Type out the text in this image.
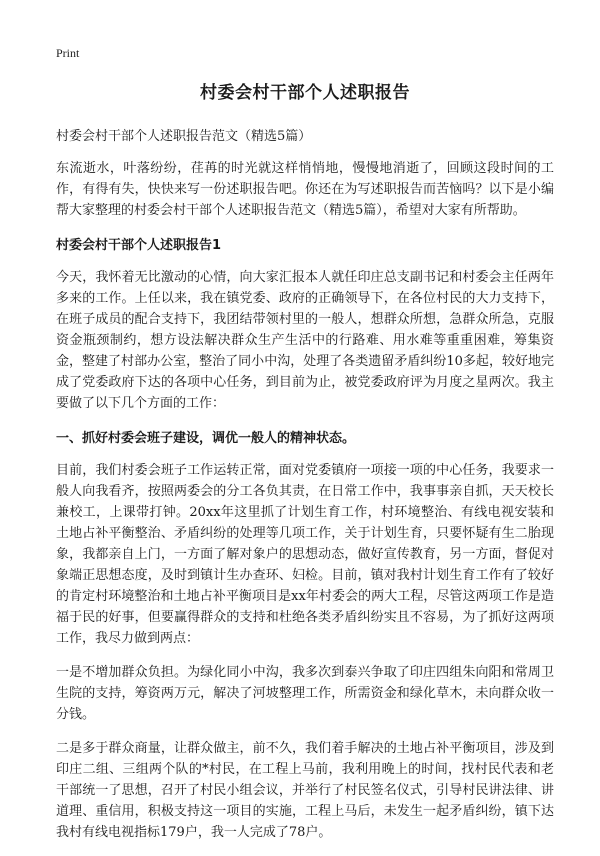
Print
村委会村干部个人述职报告
村委会村干部个人述职报告范文（精选5篇）

东流逝水，叶落纷纷，荏苒的时光就这样悄悄地，慢慢地消逝了，回顾这段时间的工作，有得有失，快快来写一份述职报告吧。你还在为写述职报告而苦恼吗？以下是小编帮大家整理的村委会村干部个人述职报告范文（精选5篇），希望对大家有所帮助。

村委会村干部个人述职报告1

今天，我怀着无比激动的心情，向大家汇报本人就任印庄总支副书记和村委会主任两年多来的工作。上任以来，我在镇党委、政府的正确领导下，在各位村民的大力支持下，在班子成员的配合支持下，我团结带领村里的一般人，想群众所想，急群众所急，克服资金瓶颈制约，想方设法解决群众生产生活中的行路难、用水难等重重困难，筹集资金，整建了村部办公室，整治了同小中沟，处理了各类遗留矛盾纠纷10多起，较好地完成了党委政府下达的各项中心任务，到目前为止，被党委政府评为月度之星两次。我主要做了以下几个方面的工作：

一、抓好村委会班子建设，调优一般人的精神状态。

目前，我们村委会班子工作运转正常，面对党委镇府一项接一项的中心任务，我要求一般人向我看齐，按照两委会的分工各负其责，在日常工作中，我事事亲自抓，天天校长兼校工，上课带打钟。20xx年这里抓了计划生育工作，村环境整治、有线电视安装和土地占补平衡整治、矛盾纠纷的处理等几项工作，关于计划生育，只要怀疑有生二胎现象，我都亲自上门，一方面了解对象户的思想动态，做好宣传教育，另一方面，督促对象端正思想态度，及时到镇计生办查环、妇检。目前，镇对我村计划生育工作有了较好的肯定村环境整治和土地占补平衡项目是xx年村委会的两大工程，尽管这两项工作是造福于民的好事，但要赢得群众的支持和杜绝各类矛盾纠纷实且不容易，为了抓好这两项工作，我尽力做到两点：

一是不增加群众负担。为绿化同小中沟，我多次到泰兴争取了印庄四组朱向阳和常周卫生院的支持，筹资两万元，解决了河坡整理工作，所需资金和绿化草木，未向群众收一分钱。

二是多于群众商量，让群众做主，前不久，我们着手解决的土地占补平衡项目，涉及到印庄二组、三组两个队的*村民，在工程上马前，我利用晚上的时间，找村民代表和老干部统一了思想，召开了村民小组会议，并举行了村民签名仪式，引导村民讲法律、讲道理、重信用，积极支持这一项目的实施，工程上马后，未发生一起矛盾纠纷，镇下达我村有线电视指标179户，我一人完成了78户。
